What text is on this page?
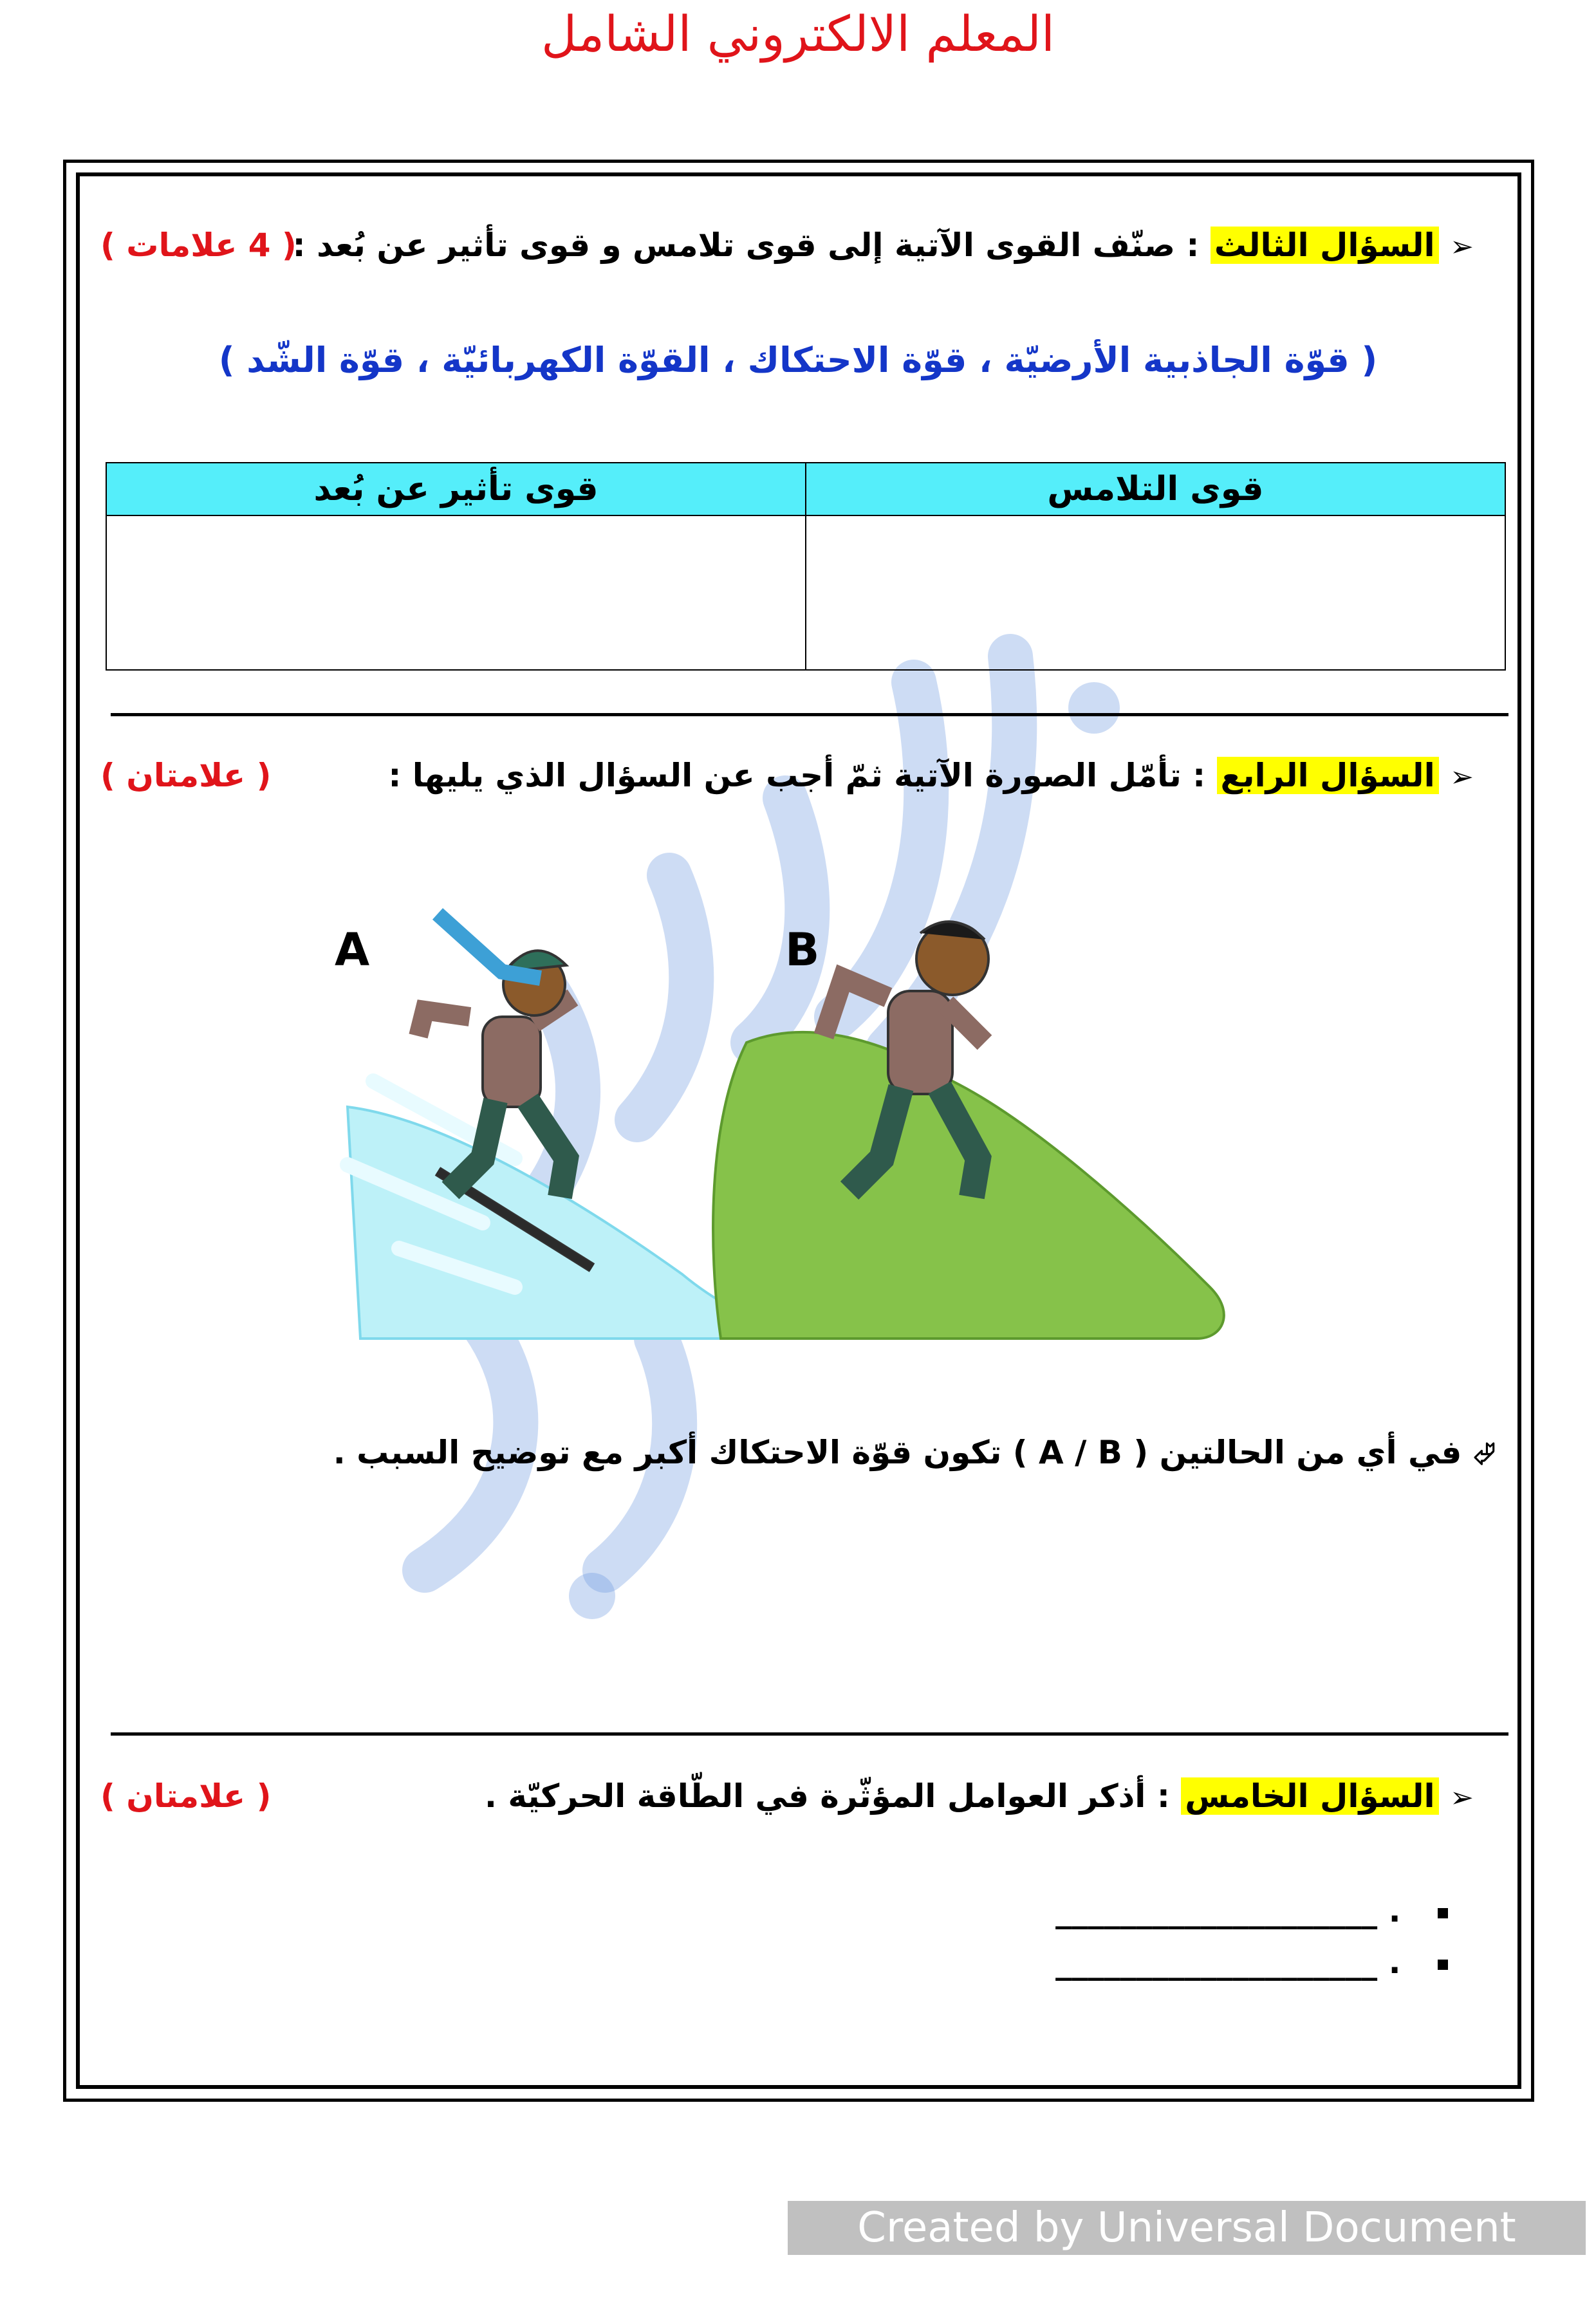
المعلم الالكتروني الشامل
➢ السؤال الثالث : صنّف القوى الآتية إلى قوى تلامس و قوى تأثير عن بُعد :
( 4 علامات )
( قوّة الجاذبية الأرضيّة ، قوّة الاحتكاك ، القوّة الكهربائيّة ، قوّة الشّد )
قوى التلامس	قوى تأثير عن بُعد

➢ السؤال الرابع : تأمّل الصورة الآتية ثمّ أجب عن السؤال الذي يليها :
( علامتان )
A	B
⮰ في أي من الحالتين ( A / B ) تكون قوّة الاحتكاك أكبر مع توضيح السبب .
➢ السؤال الخامس : أذكر العوامل المؤثّرة في الطّاقة الحركيّة .
( علامتان )
. ____________________
. ____________________
Created by Universal Document Converter
